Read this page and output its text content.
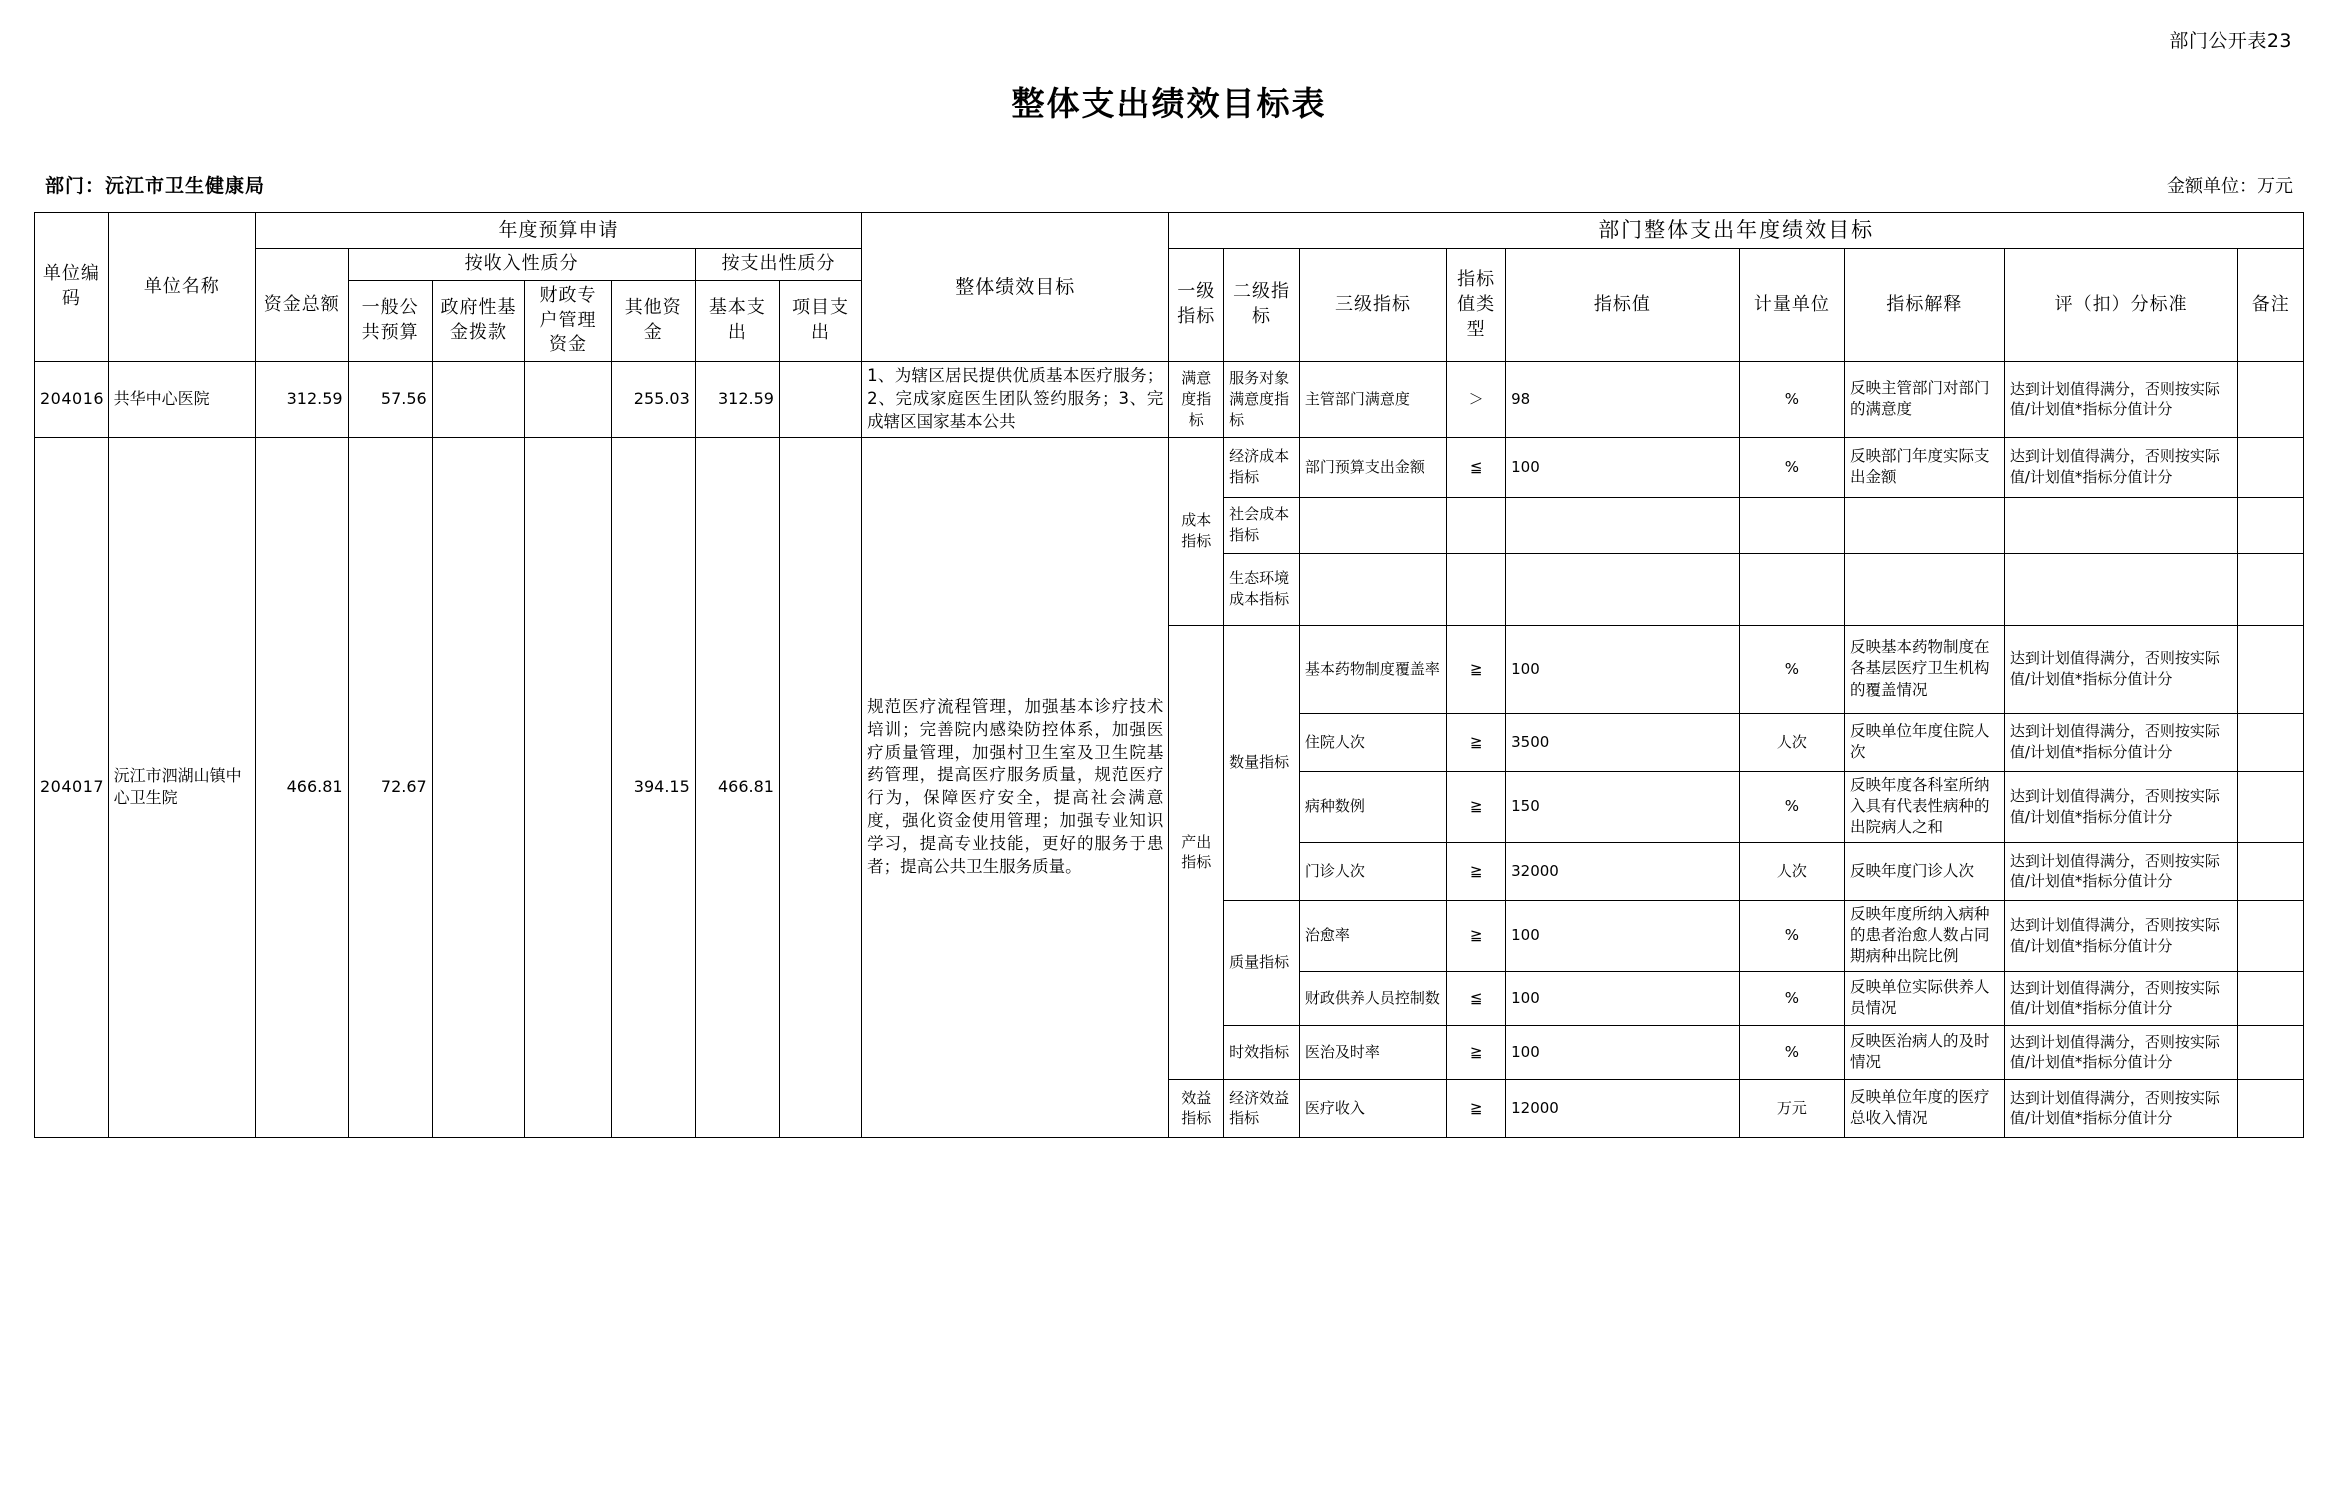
部门公开表23
整体支出绩效目标表
部门：沅江市卫生健康局	金额单位：万元
单位编码	单位名称	年度预算申请							整体绩效目标	部门整体支出年度绩效目标								
		资金总额	按收入性质分				按支出性质分			一级指标	二级指标	三级指标	指标值类型	指标值	计量单位	指标解释	评（扣）分标准	备注
			一般公共预算	政府性基金拨款	财政专户管理资金	其他资金	基本支出	项目支出										
204016	共华中心医院	312.59	57.56			255.03	312.59		1、为辖区居民提供优质基本医疗服务；2、完成家庭医生团队签约服务；3、完成辖区国家基本公共	满意度指标	服务对象满意度指标	主管部门满意度	＞	98	%	反映主管部门对部门的满意度	达到计划值得满分，否则按实际值/计划值*指标分值计分	

204017	沅江市泗湖山镇中心卫生院	466.81	72.67			394.15	466.81		规范医疗流程管理，加强基本诊疗技术培训；完善院内感染防控体系，加强医疗质量管理，加强村卫生室及卫生院基药管理，提高医疗服务质量，规范医疗行为，保障医疗安全，提高社会满意度，强化资金使用管理；加强专业知识学习，提高专业技能，更好的服务于患者；提高公共卫生服务质量。	成本指标	经济成本指标	部门预算支出金额	≦	100	%	反映部门年度实际支出金额	达到计划值得满分，否则按实际值/计划值*指标分值计分	

											社会成本指标							
											生态环境成本指标							
										产出指标	数量指标	基本药物制度覆盖率	≧	100	%	反映基本药物制度在各基层医疗卫生机构的覆盖情况	达到计划值得满分，否则按实际值/计划值*指标分值计分	

												住院人次	≧	3500	人次	反映单位年度住院人次	达到计划值得满分，否则按实际值/计划值*指标分值计分	

												病种数例	≧	150	%	反映年度各科室所纳入具有代表性病种的出院病人之和	达到计划值得满分，否则按实际值/计划值*指标分值计分	

												门诊人次	≧	32000	人次	反映年度门诊人次	达到计划值得满分，否则按实际值/计划值*指标分值计分	

											质量指标	治愈率	≧	100	%	反映年度所纳入病种的患者治愈人数占同期病种出院比例	达到计划值得满分，否则按实际值/计划值*指标分值计分	

												财政供养人员控制数	≦	100	%	反映单位实际供养人员情况	达到计划值得满分，否则按实际值/计划值*指标分值计分	

											时效指标	医治及时率	≧	100	%	反映医治病人的及时情况	达到计划值得满分，否则按实际值/计划值*指标分值计分	

										效益指标	经济效益指标	医疗收入	≧	12000	万元	反映单位年度的医疗总收入情况	达到计划值得满分，否则按实际值/计划值*指标分值计分	
